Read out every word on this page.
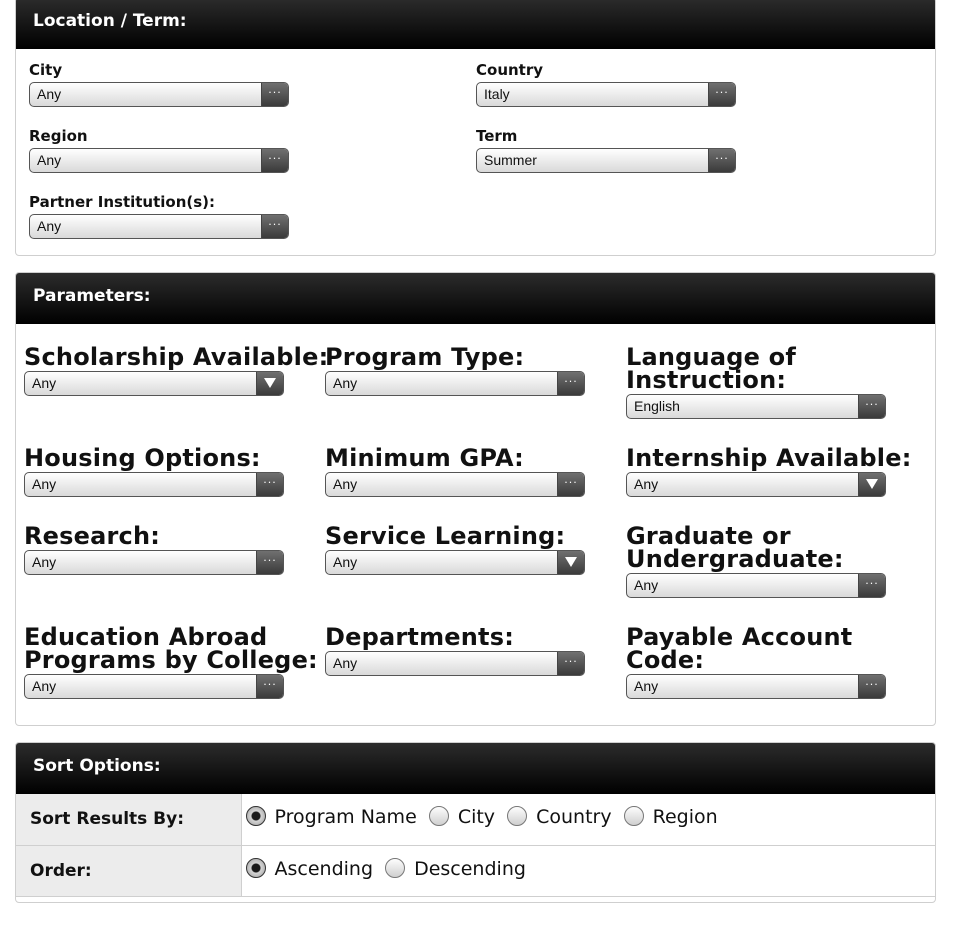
Location / Term:
City
Any	···
Country
Italy	···
Region
Any	···
Term
Summer	···
Partner Institution(s):
Any	···
Parameters:
Scholarship Available:
Any
Program Type:
Any	···
Language of
Instruction:
English	···
Housing Options:
Any	···
Minimum GPA:
Any	···
Internship Available:
Any
Research:
Any	···
Service Learning:
Any
Graduate or
Undergraduate:
Any	···
Education Abroad
Programs by College:
Any	···
Departments:
Any	···
Payable Account
Code:
Any	···
Sort Options:
Sort Results By:	Program Name
City
Country
Region

Order:	Ascending
Descending
